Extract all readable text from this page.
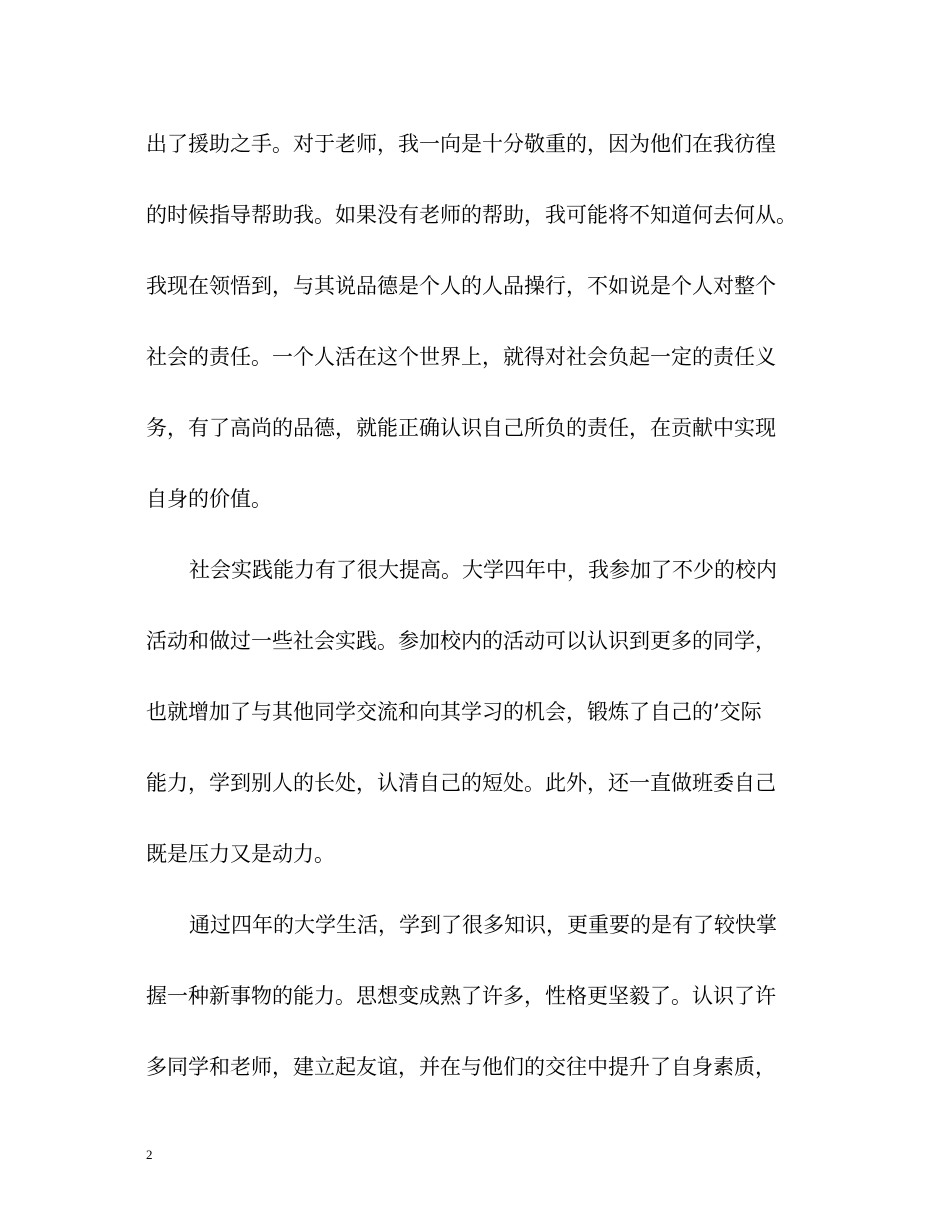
出了援助之手。对于老师，我一向是十分敬重的，因为他们在我彷徨
的时候指导帮助我。如果没有老师的帮助，我可能将不知道何去何从。
我现在领悟到，与其说品德是个人的人品操行，不如说是个人对整个
社会的责任。一个人活在这个世界上，就得对社会负起一定的责任义
务，有了高尚的品德，就能正确认识自己所负的责任，在贡献中实现
自身的价值。
社会实践能力有了很大提高。大学四年中，我参加了不少的校内
活动和做过一些社会实践。参加校内的活动可以认识到更多的同学，
也就增加了与其他同学交流和向其学习的机会，锻炼了自己的’交际
能力，学到别人的长处，认清自己的短处。此外，还一直做班委自己
既是压力又是动力。
通过四年的大学生活，学到了很多知识，更重要的是有了较快掌
握一种新事物的能力。思想变成熟了许多，性格更坚毅了。认识了许
多同学和老师，建立起友谊，并在与他们的交往中提升了自身素质，
2
